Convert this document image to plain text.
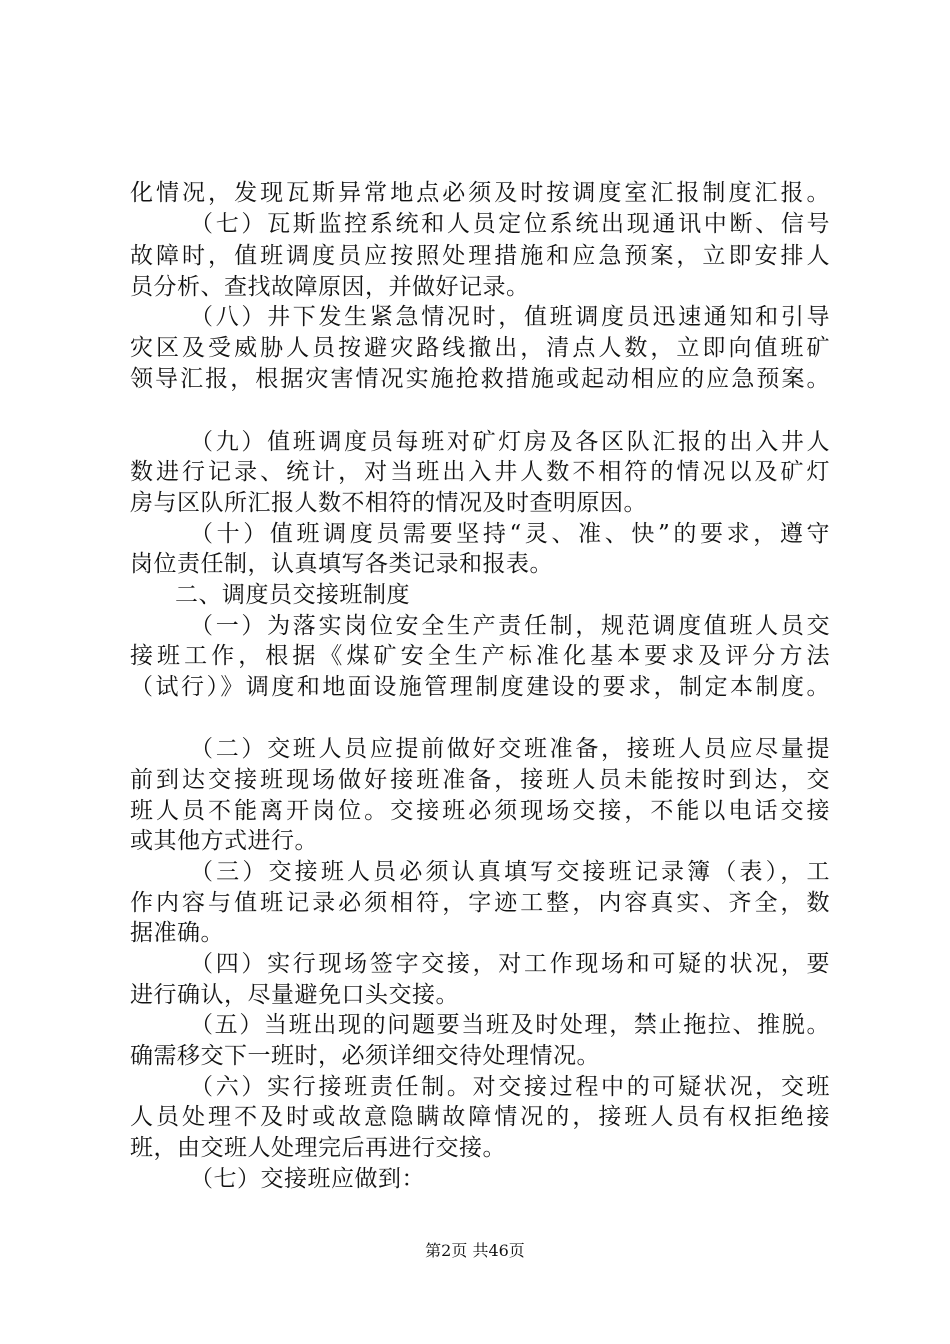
化情况，发现瓦斯异常地点必须及时按调度室汇报制度汇报。
（七）瓦斯监控系统和人员定位系统出现通讯中断、信号
故障时，值班调度员应按照处理措施和应急预案，立即安排人
员分析、查找故障原因，并做好记录。
（八）井下发生紧急情况时，值班调度员迅速通知和引导
灾区及受威胁人员按避灾路线撤出，清点人数，立即向值班矿
领导汇报，根据灾害情况实施抢救措施或起动相应的应急预案。
（九）值班调度员每班对矿灯房及各区队汇报的出入井人
数进行记录、统计，对当班出入井人数不相符的情况以及矿灯
房与区队所汇报人数不相符的情况及时查明原因。
（十）值班调度员需要坚持“灵、准、快”的要求，遵守
岗位责任制，认真填写各类记录和报表。
二、调度员交接班制度
（一）为落实岗位安全生产责任制，规范调度值班人员交
接班工作，根据《煤矿安全生产标准化基本要求及评分方法
（试行）》调度和地面设施管理制度建设的要求，制定本制度。
（二）交班人员应提前做好交班准备，接班人员应尽量提
前到达交接班现场做好接班准备，接班人员未能按时到达，交
班人员不能离开岗位。交接班必须现场交接，不能以电话交接
或其他方式进行。
（三）交接班人员必须认真填写交接班记录簿（表），工
作内容与值班记录必须相符，字迹工整，内容真实、齐全，数
据准确。
（四）实行现场签字交接，对工作现场和可疑的状况，要
进行确认，尽量避免口头交接。
（五）当班出现的问题要当班及时处理，禁止拖拉、推脱。
确需移交下一班时，必须详细交待处理情况。
（六）实行接班责任制。对交接过程中的可疑状况，交班
人员处理不及时或故意隐瞒故障情况的，接班人员有权拒绝接
班，由交班人处理完后再进行交接。
（七）交接班应做到：
第2页 共46页
